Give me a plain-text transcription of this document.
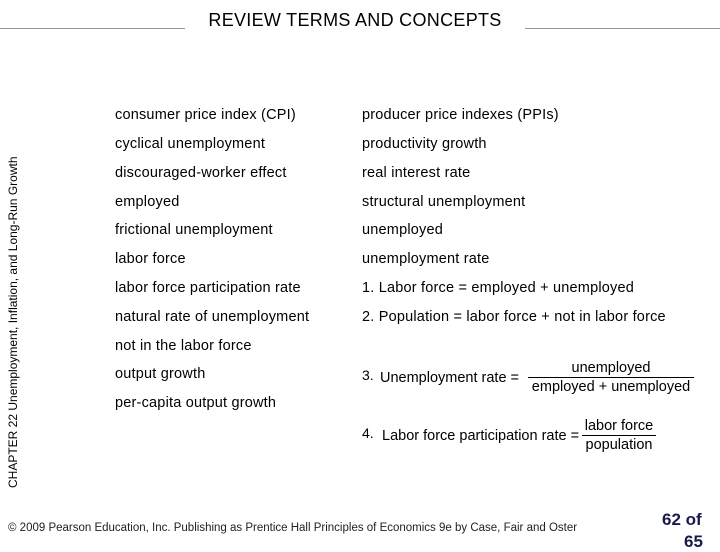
REVIEW TERMS AND CONCEPTS
CHAPTER 22 Unemployment, Inflation, and Long-Run Growth
consumer price index (CPI)
cyclical unemployment
discouraged-worker effect
employed
frictional unemployment
labor force
labor force participation rate
natural rate of unemployment
not in the labor force
output growth
per-capita output growth
producer price indexes (PPIs)
productivity growth
real interest rate
structural unemployment
unemployed
unemployment rate
1. Labor force = employed + unemployed
2. Population = labor force + not in labor force
3. Unemployment rate =
unemployed
employed + unemployed
4. Labor force participation rate =
labor force
population
© 2009 Pearson Education, Inc. Publishing as Prentice Hall Principles of Economics 9e by Case, Fair and Oster	62 of
65
